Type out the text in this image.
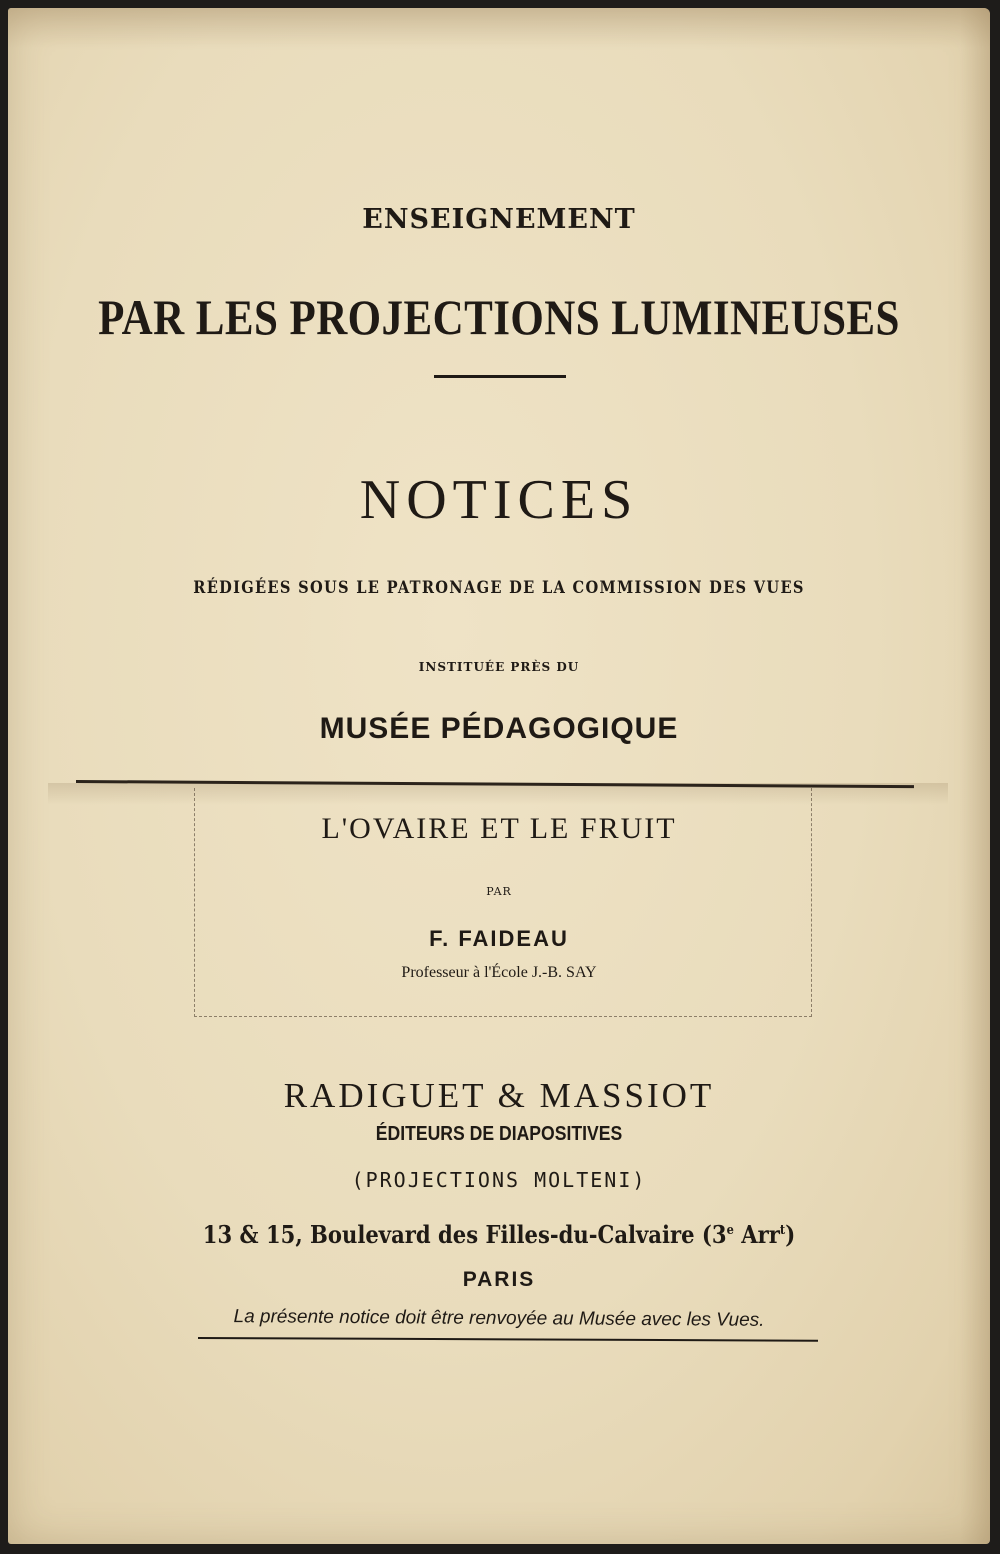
ENSEIGNEMENT
PAR LES PROJECTIONS LUMINEUSES
NOTICES
RÉDIGÉES SOUS LE PATRONAGE DE LA COMMISSION DES VUES
INSTITUÉE PRÈS DU
MUSÉE PÉDAGOGIQUE
L'OVAIRE ET LE FRUIT
PAR
F. FAIDEAU
Professeur à l'École J.-B. SAY
RADIGUET & MASSIOT
ÉDITEURS DE DIAPOSITIVES
(PROJECTIONS MOLTENI)
13 & 15, Boulevard des Filles-du-Calvaire (3e Arr$^t$)
PARIS
La présente notice doit être renvoyée au Musée avec les Vues.
